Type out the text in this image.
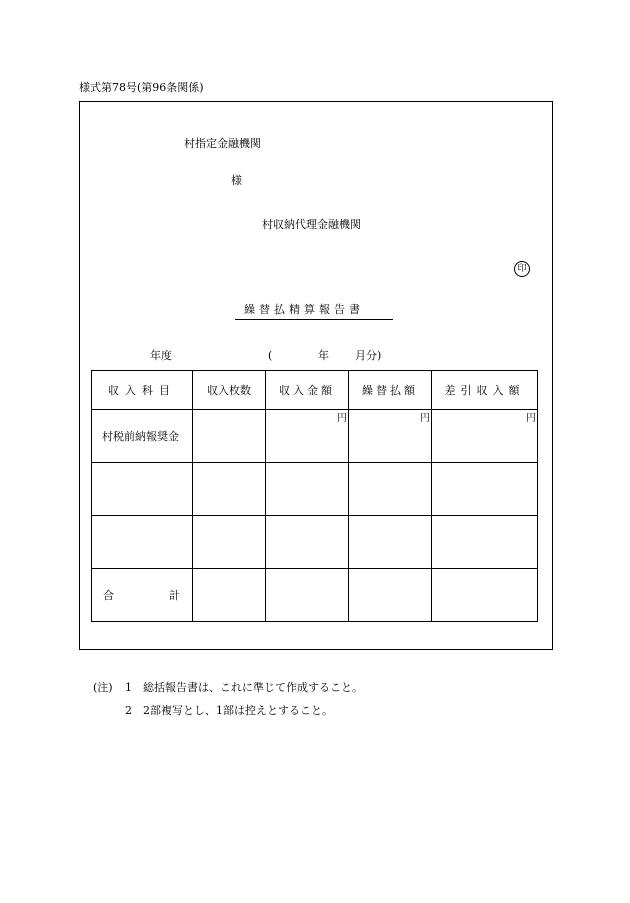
様式第78号(第96条関係)
村指定金融機関
様
村収納代理金融機関
印
繰替払精算報告書
年度	(	年 月分)
収入科目	収入枚数	収入金額	繰替払額	差引収入額
村税前納報奨金		円	円	円

合 計				

(注) 1 総括報告書は、これに準じて作成すること。
2 2部複写とし、1部は控えとすること。
